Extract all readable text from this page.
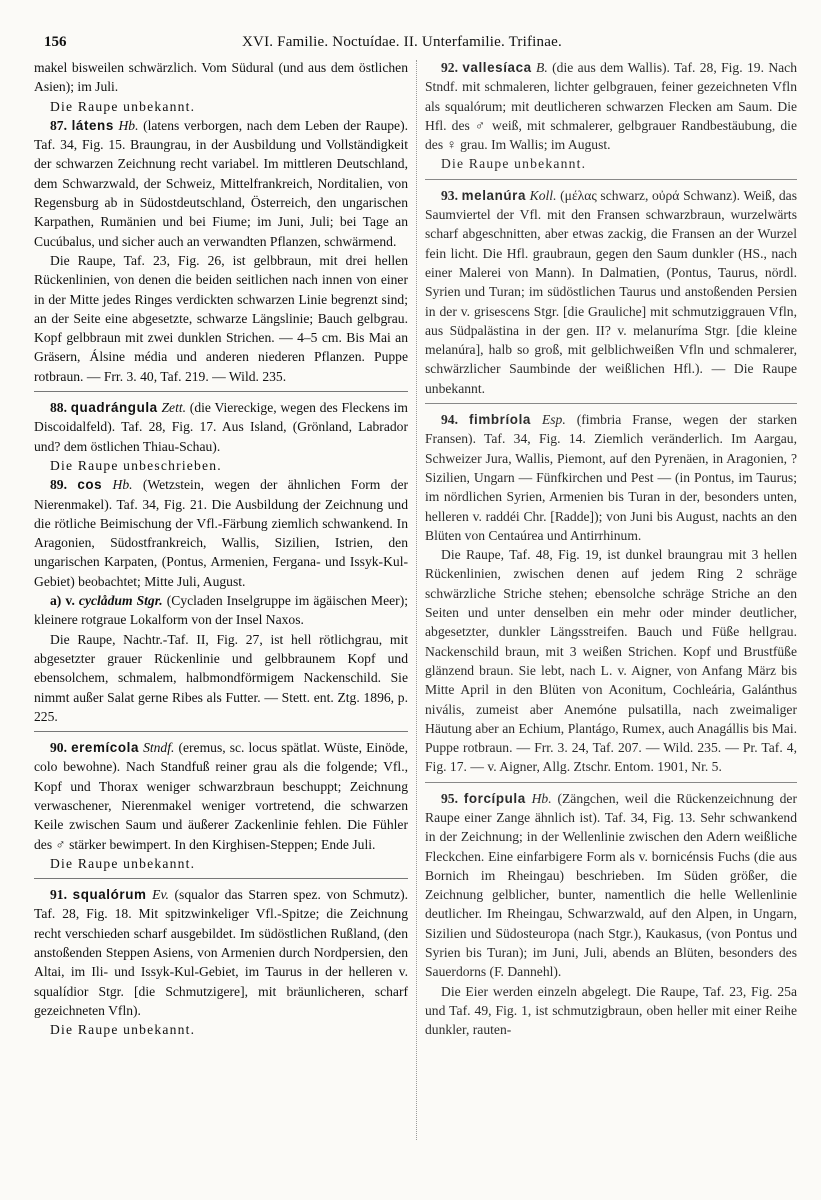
156	XVI. Familie. Noctuídae. II. Unterfamilie. Trifinae.

makel bisweilen schwärzlich. Vom Südural (und aus dem östlichen Asien); im Juli.

Die Raupe unbekannt.

87. látens Hb. (latens verborgen, nach dem Leben der Raupe). Taf. 34, Fig. 15. Braungrau, in der Ausbildung und Vollständigkeit der schwarzen Zeichnung recht variabel. Im mittleren Deutschland, dem Schwarzwald, der Schweiz, Mittelfrankreich, Norditalien, von Regensburg ab in Südostdeutschland, Österreich, den ungarischen Karpathen, Rumänien und bei Fiume; im Juni, Juli; bei Tage an Cucúbalus, und sicher auch an verwandten Pflanzen, schwärmend.

Die Raupe, Taf. 23, Fig. 26, ist gelbbraun, mit drei hellen Rückenlinien, von denen die beiden seitlichen nach innen von einer in der Mitte jedes Ringes verdickten schwarzen Linie begrenzt sind; an der Seite eine abgesetzte, schwarze Längslinie; Bauch gelbgrau. Kopf gelbbraun mit zwei dunklen Strichen. — 4–5 cm. Bis Mai an Gräsern, Álsine média und anderen niederen Pflanzen. Puppe rotbraun. — Frr. 3. 40, Taf. 219. — Wild. 235.

88. quadrángula Zett. (die Viereckige, wegen des Fleckens im Discoidalfeld). Taf. 28, Fig. 17. Aus Island, (Grönland, Labrador und? dem östlichen Thiau-Schau).

Die Raupe unbeschrieben.

89. cos Hb. (Wetzstein, wegen der ähnlichen Form der Nierenmakel). Taf. 34, Fig. 21. Die Ausbildung der Zeichnung und die rötliche Beimischung der Vfl.-Färbung ziemlich schwankend. In Aragonien, Südostfrankreich, Wallis, Sizilien, Istrien, den ungarischen Karpaten, (Pontus, Armenien, Fergana- und Issyk-Kul-Gebiet) beobachtet; Mitte Juli, August.

a) v. cyclådum Stgr. (Cycladen Inselgruppe im ägäischen Meer); kleinere rotgraue Lokalform von der Insel Naxos.

Die Raupe, Nachtr.-Taf. II, Fig. 27, ist hell rötlichgrau, mit abgesetzter grauer Rückenlinie und gelbbraunem Kopf und ebensolchem, schmalem, halbmondförmigem Nackenschild. Sie nimmt außer Salat gerne Ribes als Futter. — Stett. ent. Ztg. 1896, p. 225.

90. eremícola Stndf. (eremus, sc. locus spätlat. Wüste, Einöde, colo bewohne). Nach Standfuß reiner grau als die folgende; Vfl., Kopf und Thorax weniger schwarzbraun beschuppt; Zeichnung verwaschener, Nierenmakel weniger vortretend, die schwarzen Keile zwischen Saum und äußerer Zackenlinie fehlen. Die Fühler des ♂ stärker bewimpert. In den Kirghisen-Steppen; Ende Juli.

Die Raupe unbekannt.

91. squalórum Ev. (squalor das Starren spez. von Schmutz). Taf. 28, Fig. 18. Mit spitzwinkeliger Vfl.-Spitze; die Zeichnung recht verschieden scharf ausgebildet. Im südöstlichen Rußland, (den anstoßenden Steppen Asiens, von Armenien durch Nordpersien, den Altai, im Ili- und Issyk-Kul-Gebiet, im Taurus in der helleren v. squalídior Stgr. [die Schmutzigere], mit bräunlicheren, scharf gezeichneten Vfln).

Die Raupe unbekannt.

92. vallesíaca B. (die aus dem Wallis). Taf. 28, Fig. 19. Nach Stndf. mit schmaleren, lichter gelbgrauen, feiner gezeichneten Vfln als squalórum; mit deutlicheren schwarzen Flecken am Saum. Die Hfl. des ♂ weiß, mit schmalerer, gelbgrauer Randbestäubung, die des ♀ grau. Im Wallis; im August.

Die Raupe unbekannt.

93. melanúra Koll. (μέλας schwarz, οὐρά Schwanz). Weiß, das Saumviertel der Vfl. mit den Fransen schwarzbraun, wurzelwärts scharf abgeschnitten, aber etwas zackig, die Fransen an der Wurzel fein licht. Die Hfl. graubraun, gegen den Saum dunkler (HS., nach einer Malerei von Mann). In Dalmatien, (Pontus, Taurus, nördl. Syrien und Turan; im südöstlichen Taurus und anstoßenden Persien in der v. grisescens Stgr. [die Grauliche] mit schmutziggrauen Vfln, aus Südpalästina in der gen. II? v. melanuríma Stgr. [die kleine melanúra], halb so groß, mit gelblichweißen Vfln und schmalerer, schwärzlicher Saumbinde der weißlichen Hfl.). — Die Raupe unbekannt.

94. fimbríola Esp. (fimbria Franse, wegen der starken Fransen). Taf. 34, Fig. 14. Ziemlich veränderlich. Im Aargau, Schweizer Jura, Wallis, Piemont, auf den Pyrenäen, in Aragonien, ? Sizilien, Ungarn — Fünfkirchen und Pest — (in Pontus, im Taurus; im nördlichen Syrien, Armenien bis Turan in der, besonders unten, helleren v. raddéi Chr. [Radde]); von Juni bis August, nachts an den Blüten von Centaúrea und Antirrhinum.

Die Raupe, Taf. 48, Fig. 19, ist dunkel braungrau mit 3 hellen Rückenlinien, zwischen denen auf jedem Ring 2 schräge schwärzliche Striche stehen; ebensolche schräge Striche an den Seiten und unter denselben ein mehr oder minder deutlicher, abgesetzter, dunkler Längsstreifen. Bauch und Füße hellgrau. Nackenschild braun, mit 3 weißen Strichen. Kopf und Brustfüße glänzend braun. Sie lebt, nach L. v. Aigner, von Anfang März bis Mitte April in den Blüten von Aconitum, Cochleária, Galánthus nivális, zumeist aber Anemóne pulsatilla, nach zweimaliger Häutung aber an Echium, Plantágo, Rumex, auch Anagállis bis Mai. Puppe rotbraun. — Frr. 3. 24, Taf. 207. — Wild. 235. — Pr. Taf. 4, Fig. 17. — v. Aigner, Allg. Ztschr. Entom. 1901, Nr. 5.

95. forcípula Hb. (Zängchen, weil die Rückenzeichnung der Raupe einer Zange ähnlich ist). Taf. 34, Fig. 13. Sehr schwankend in der Zeichnung; in der Wellenlinie zwischen den Adern weißliche Fleckchen. Eine einfarbigere Form als v. bornicénsis Fuchs (die aus Bornich im Rheingau) beschrieben. Im Süden größer, die Zeichnung gelblicher, bunter, namentlich die helle Wellenlinie deutlicher. Im Rheingau, Schwarzwald, auf den Alpen, in Ungarn, Sizilien und Südosteuropa (nach Stgr.), Kaukasus, (von Pontus und Syrien bis Turan); im Juni, Juli, abends an Blüten, besonders des Sauerdorns (F. Dannehl).

Die Eier werden einzeln abgelegt. Die Raupe, Taf. 23, Fig. 25a und Taf. 49, Fig. 1, ist schmutzigbraun, oben heller mit einer Reihe dunkler, rauten-
